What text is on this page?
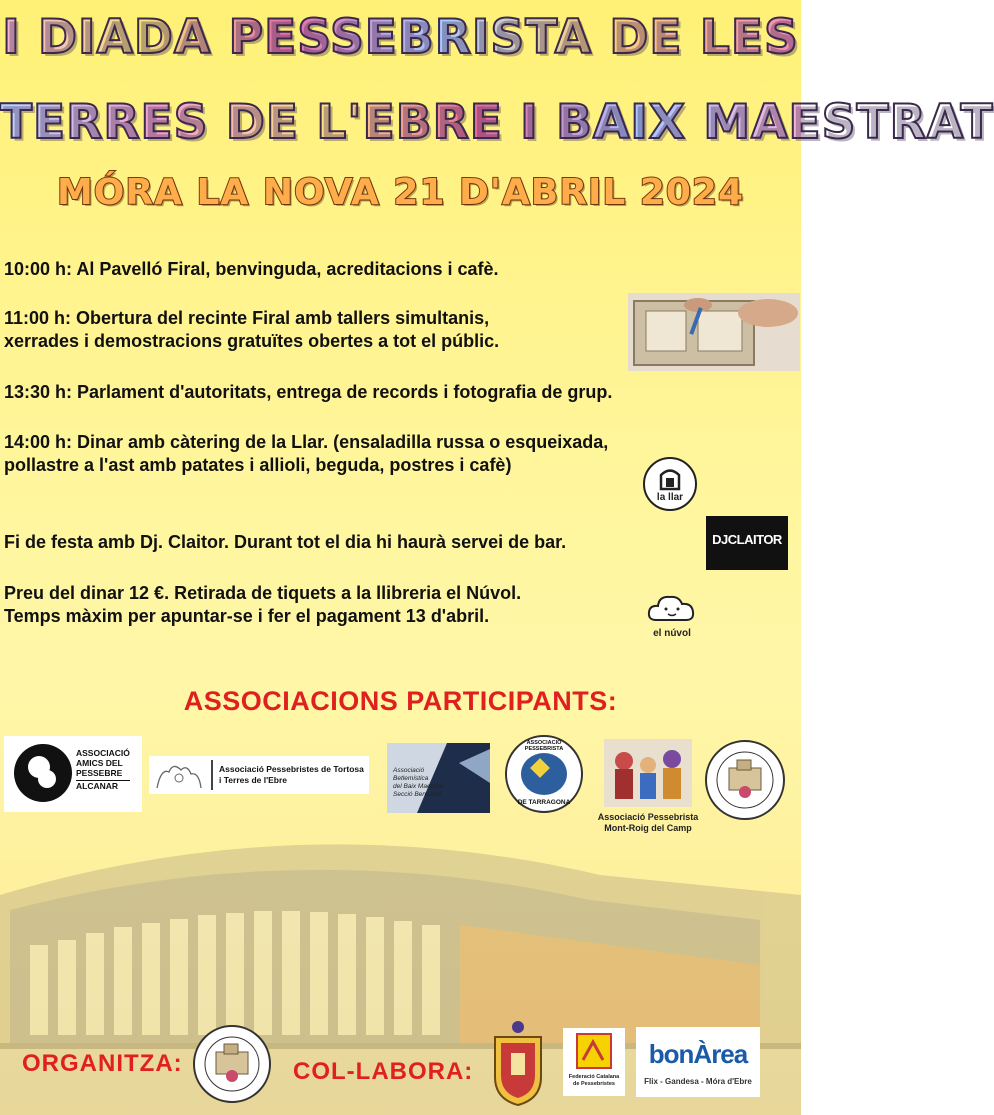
I DIADA PESSEBRISTA DE LES
TERRES DE L'EBRE I BAIX MAESTRAT
MÓRA LA NOVA 21 D'ABRIL 2024
10:00 h: Al Pavelló Firal, benvinguda, acreditacions i cafè.
11:00 h: Obertura del recinte Firal amb tallers simultanis,
xerrades i demostracions gratuïtes obertes a tot el públic.
13:30 h: Parlament d'autoritats, entrega de records i fotografia de grup.
14:00 h: Dinar amb càtering de la Llar. (ensaladilla russa o esqueixada,
pollastre a l'ast amb patates i allioli, beguda, postres i cafè)
Fi de festa amb Dj. Claitor. Durant tot el dia hi haurà servei de bar.
Preu del dinar 12 €. Retirada de tiquets a la llibreria el Núvol.
Temps màxim per apuntar-se i fer el pagament 13 d'abril.
la llar
DJCLAITOR
el núvol
ASSOCIACIONS PARTICIPANTS:
ASSOCIACIÓ
AMICS DEL
PESSEBRE
ALCANAR
Associació Pessebristes de Tortosa
i Terres de l'Ebre
Associació
Betlemística
del Baix Maestrat
Secció Benicarló
ASSOCIACIÓ PESSEBRISTA
DE TARRAGONA
Associació Pessebrista
Mont-Roig del Camp
ORGANITZA:	COL-LABORA:	Federació Catalana de Pessebristes
bonÀrea
Flix - Gandesa - Móra d'Ebre
